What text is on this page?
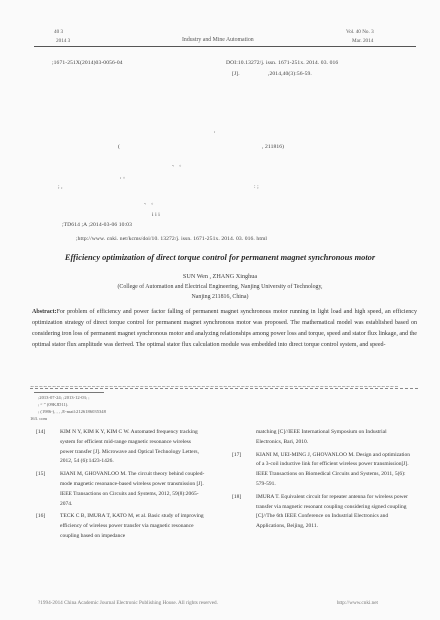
40 3
2014 3	Industry and Mine Automation
Vol. 40 No. 3
Mar. 2014
;1671-251X(2014)03-0056-04	DOI:10.13272/j. issn. 1671-251x. 2014. 03. 016
[J].	,2014,40(3):56-59.
,
(	, 211816)
、 。
, 。
; ,	: ;
、 。
i i i
;TD614 ;A ;2014-03-06 10:03
;http://www. cnki. net/kcms/doi/10. 13272/j. issn. 1671-251x. 2014. 03. 016. html
Efficiency optimization of direct torque control for permanent magnet synchronous motor
SUN Wen , ZHANG Xinghua
(College of Automation and Electrical Engineering, Nanjing University of Technology,
Nanjing 211816, China)
Abstract:For problem of efficiency and power factor falling of permanent magnet synchronous motor running in light load and high speed, an efficiency optimization strategy of direct torque control for permanent magnet synchronous motor was proposed. The mathematical model was established based on considering iron loss of permanent magnet synchronous motor and analyzing relationships among power loss and torque, speed and stator flux linkage, and the optimal stator flux amplitude was derived. The optimal stator flux calculation module was embedded into direct torque control system, and speed-
∼∼∼∼∼∼∼∼∼∼∼∼∼∼∼∼∼∼∼∼∼∼∼∼∼∼∼∼∼∼∼∼∼∼∼∼∼∼∼∼∼∼∼∼∼∼∼∼∼∼∼∼∼∼∼∼∼∼∼∼∼∼∼∼∼∼∼∼∼∼∼∼∼∼∼∼∼∼∼∼∼∼∼∼
;2013-07-24; ;2013-12-03; ;
; “ ” (09KJD11).
; (1986-), , , ,E-mail:2126186035348
163. com
[14]	KIM N Y, KIM K Y, KIM C W. Automated frequency tracking system for efficient mid-range magnetic resonance wireless power transfer [J]. Microwave and Optical Technology Letters, 2012, 54 (6):1423-1426.
[15]	KIANI M, GHOVANLOO M. The circuit theory behind coupled-mode magnetic resonance-based wireless power transmission [J]. IEEE Transactions on Circuits and Systems, 2012, 59(8):2065-2074.
[16]	TECK C B, IMURA T, KATO M, et al. Basic study of improving efficiency of wireless power transfer via magnetic resonance coupling based on impedance
matching [C]//IEEE International Symposium on Industrial Electronics, Bari, 2010.
[17]	KIANI M, UEI-MING J, GHOVANLOO M. Design and optimization of a 3-coil inductive link for efficient wireless power transmission[J]. IEEE Transactions on Biomedical Circuits and Systems, 2011, 5(6): 579-591.
[18]	IMURA T. Equivalent circuit for repeater antenna for wireless power transfer via magnetic resonant coupling considering signed coupling [C]//The 6th IEEE Conference on Industrial Electronics and Applications, Beijing, 2011.
?1994-2014 China Academic Journal Electronic Publishing House. All rights reserved.	http://www.cnki.net
